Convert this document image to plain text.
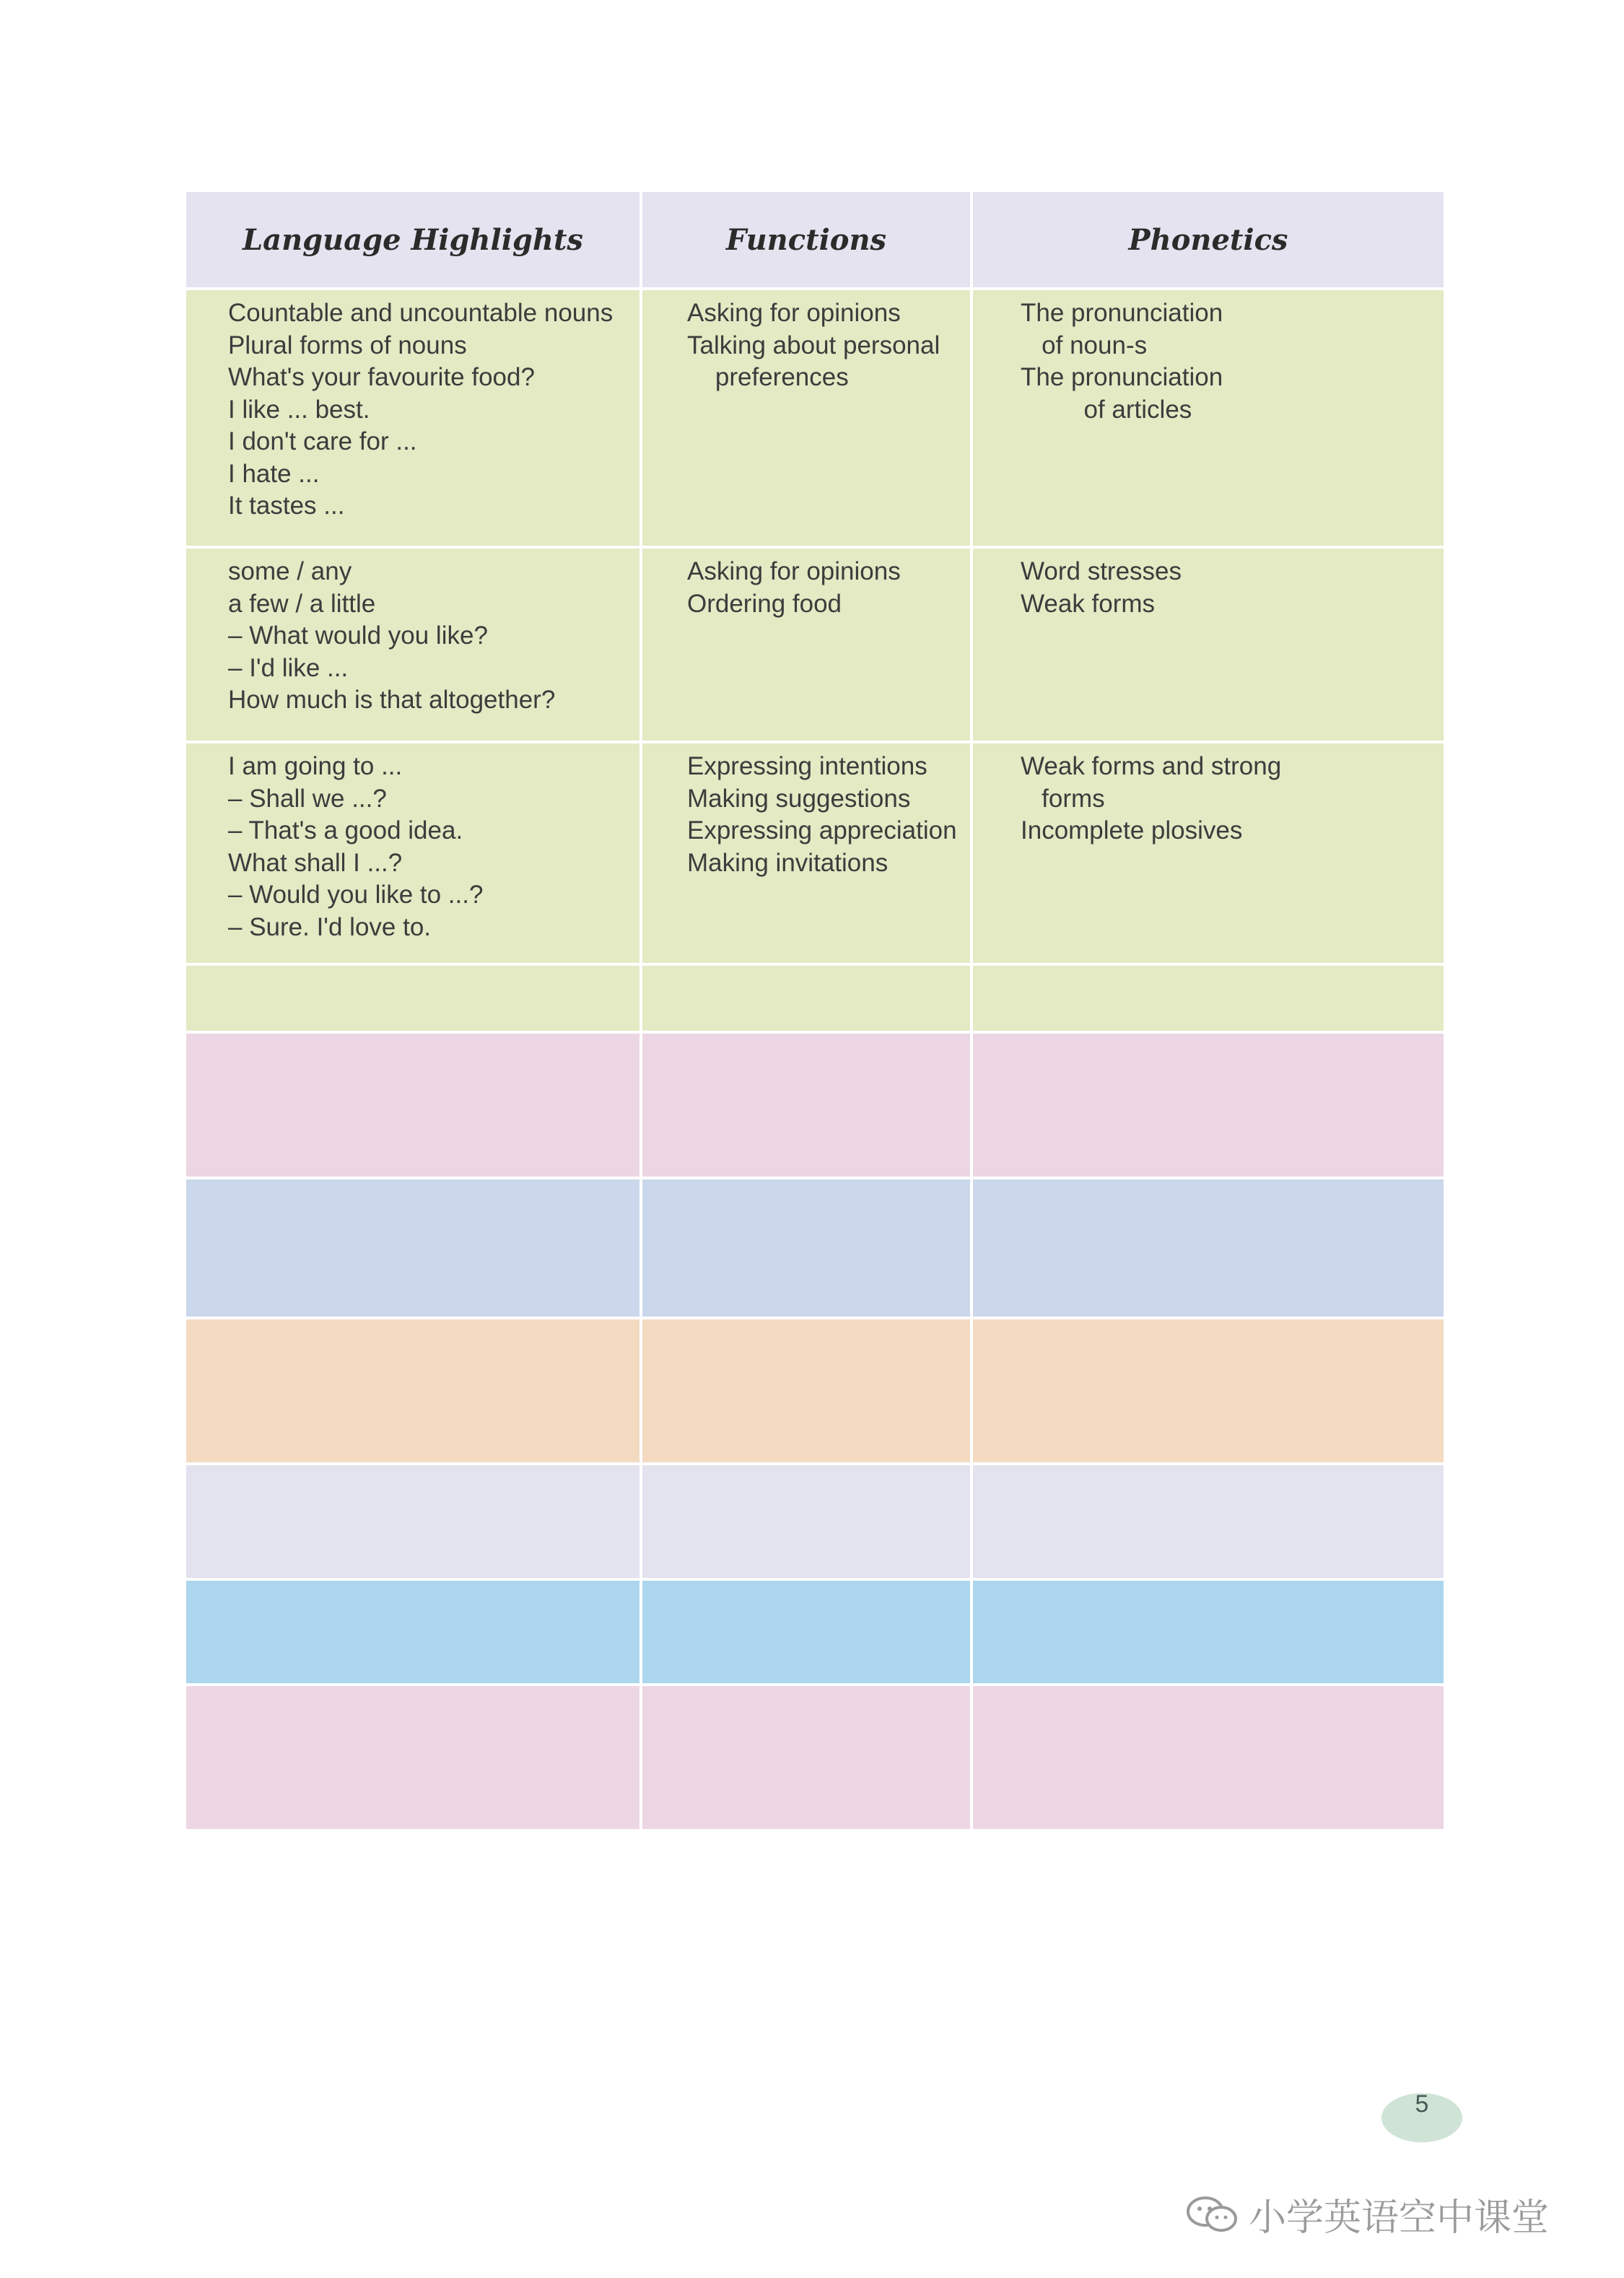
Language Highlights	Functions	Phonetics
Countable and uncountable nouns
Plural forms of nouns
What's your favourite food?
I like ... best.
I don't care for ...
I hate ...
It tastes ...
Asking for opinions
Talking about personal
preferences
The pronunciation
of noun-s
The pronunciation
of articles
some / any
a few / a little
– What would you like?
– I'd like ...
How much is that altogether?
Asking for opinions
Ordering food
Word stresses
Weak forms
I am going to ...
– Shall we ...?
– That's a good idea.
What shall I ...?
– Would you like to ...?
– Sure. I'd love to.
Expressing intentions
Making suggestions
Expressing appreciation
Making invitations
Weak forms and strong
forms
Incomplete plosives
5
小学英语空中课堂
